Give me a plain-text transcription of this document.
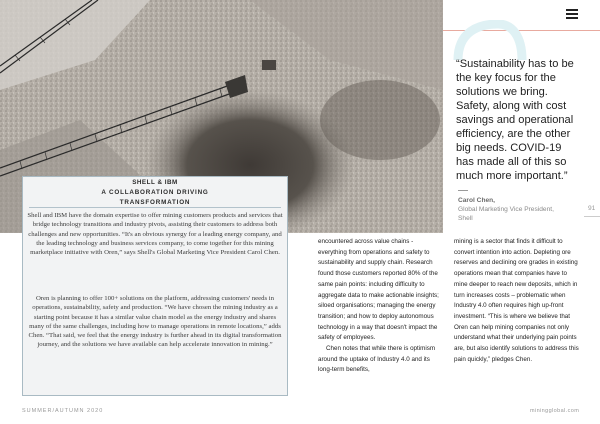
“Sustainability has to be the key focus for the solutions we bring. Safety, along with cost savings and operational efficiency, are the other big needs. COVID-19 has made all of this so much more important.”

Carol Chen,
Global Marketing Vice President,
Shell
91
SHELL & IBM
A COLLABORATION DRIVING
TRANSFORMATION

Shell and IBM have the domain expertise to offer mining customers products and services that bridge technology transitions and industry pivots, assisting their customers to address both challenges and new opportunities. “It's an obvious synergy for a leading energy company, and the leading technology and business services company, to come together for this mining marketplace initiative with Oren,” says Shell's Global Marketing Vice President Carol Chen.

Oren is planning to offer 100+ solutions on the platform, addressing customers' needs in operations, sustainability, safety and production. “We have chosen the mining industry as a starting point because it has a similar value chain model as the energy industry and shares many of the same challenges, including how to manage operations in remote locations,” adds Chen. “That said, we feel that the energy industry is further ahead in its digital transformation journey, and the solutions we have available can help accelerate innovation in mining.”

encountered across value chains - everything from operations and safety to sustainability and supply chain. Research found those customers reported 80% of the same pain points: including difficulty to aggregate data to make actionable insights; siloed organisations; managing the energy transition; and how to deploy autonomous technology in a way that doesn't impact the safety of employees.
Chen notes that while there is optimism around the uptake of Industry 4.0 and its long-term benefits,
mining is a sector that finds it difficult to convert intention into action. Depleting ore reserves and declining ore grades in existing operations mean that companies have to mine deeper to reach new deposits, which in turn increases costs – problematic when Industry 4.0 often requires high up-front investment. “This is where we believe that Oren can help mining companies not only understand what their underlying pain points are, but also identify solutions to address this pain quickly,” pledges Chen.
SUMMER/AUTUMN 2020	miningglobal.com
